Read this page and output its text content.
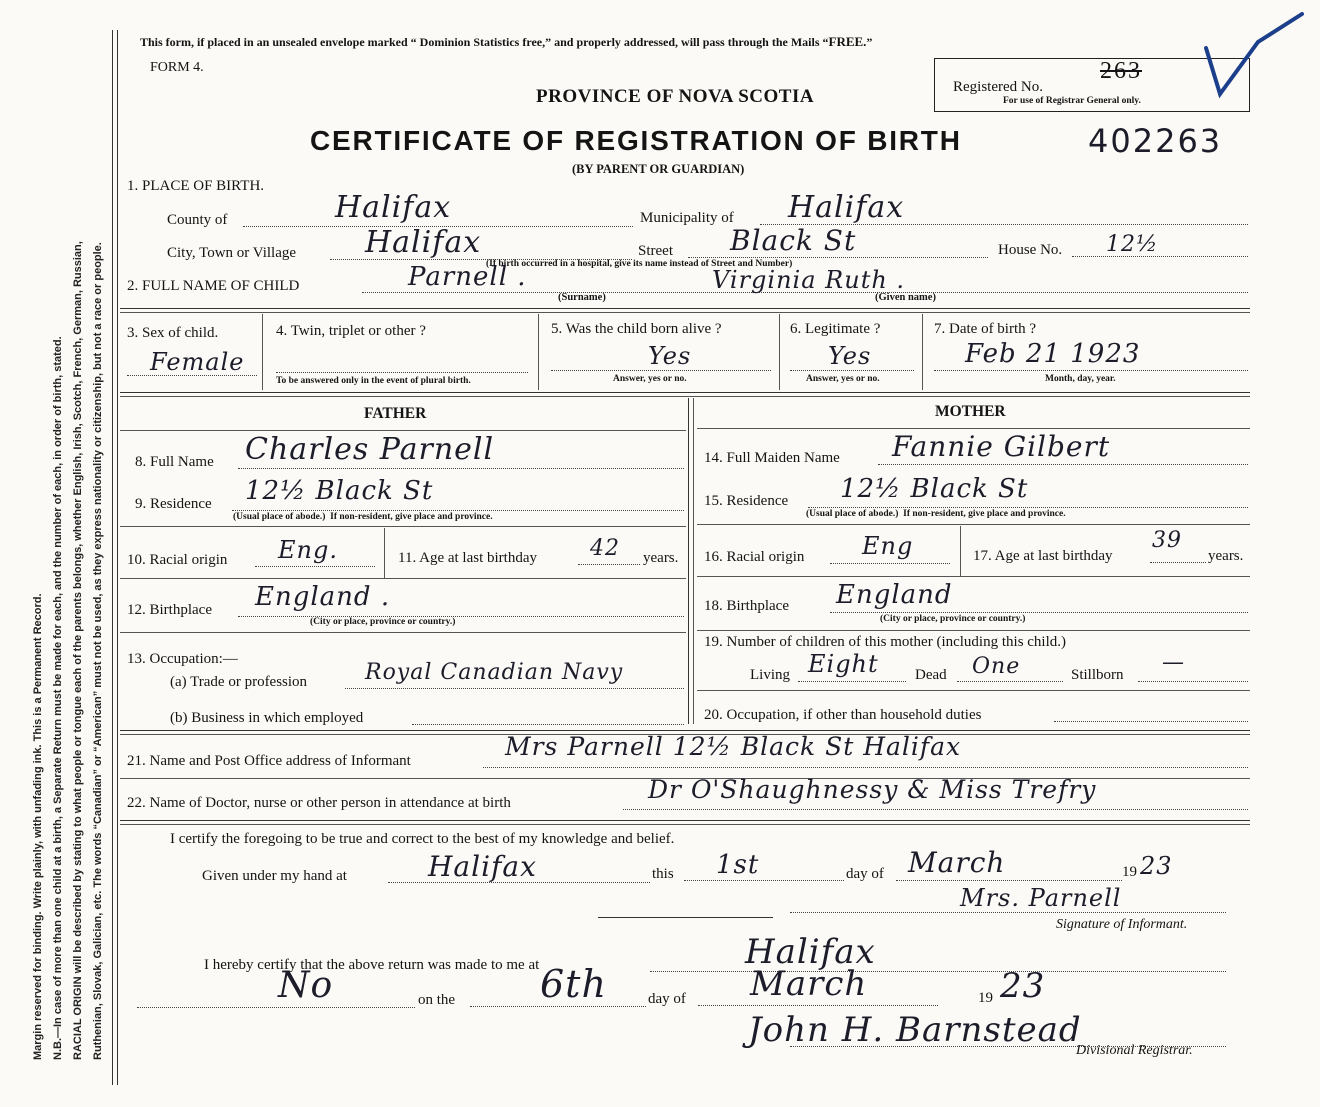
Margin reserved for binding. Write plainly, with unfading ink. This is a Permanent Record. N.B.—In case of more than one child at a birth, a Separate Return must be made for each, and the number of each, in order of birth, stated. RACIAL ORIGIN will be described by stating to what people or tongue each of the parents belongs, whether English, Irish, Scotch, French, German, Russian, Ruthenian, Slovak, Galician, etc. The words “Canadian” or “American” must not be used, as they express nationality or citizenship, but not a race or people.
This form, if placed in an unsealed envelope marked “ Dominion Statistics free,” and properly addressed, will pass through the Mails “FREE.”
FORM 4.
Registered No.
263
For use of Registrar General only.
PROVINCE OF NOVA SCOTIA
CERTIFICATE OF REGISTRATION OF BIRTH	402263
(BY PARENT OR GUARDIAN)
1. PLACE OF BIRTH.
County of	Halifax	Municipality of Halifax
City, Town or Village Halifax	Street Black St	House No. 12½
(If birth occurred in a hospital, give its name instead of Street and Number)
2. FULL NAME OF CHILD	Parnell .
(Surname)
Virginia Ruth .
(Given name)
3. Sex of child.
Female
4. Twin, triplet or other ?
To be answered only in the event of plural birth.
5. Was the child born alive ?
Yes
Answer, yes or no.
6. Legitimate ?
Yes
Answer, yes or no.
7. Date of birth ?
Feb 21 1923
Month, day, year.
FATHER	MOTHER
8. Full Name Charles Parnell
9. Residence 12½ Black St
(Usual place of abode.) If non-resident, give place and province.
10. Racial origin Eng.	11. Age at last birthday 42 years.
12. Birthplace England .
(City or place, province or country.)
13. Occupation:—
(a) Trade or profession	Royal Canadian Navy
(b) Business in which employed
14. Full Maiden Name Fannie Gilbert
15. Residence 12½ Black St
(Usual place of abode.) If non-resident, give place and province.
16. Racial origin Eng	17. Age at last birthday
39
years.
18. Birthplace England
(City or place, province or country.)
19. Number of children of this mother (including this child.)
Living Eight Dead One	Stillborn —
20. Occupation, if other than household duties
21. Name and Post Office address of Informant	Mrs Parnell 12½ Black St Halifax
22. Name of Doctor, nurse or other person in attendance at birth	Dr O'Shaughnessy & Miss Trefry
I certify the foregoing to be true and correct to the best of my knowledge and belief.
Given under my hand at	Halifax	this 1st	day of March	19 23
Mrs. Parnell
Signature of Informant.
I hereby certify that the above return was made to me at	Halifax
No	on the 6th	day of March	19 23
John H. Barnstead
Divisional Registrar.
